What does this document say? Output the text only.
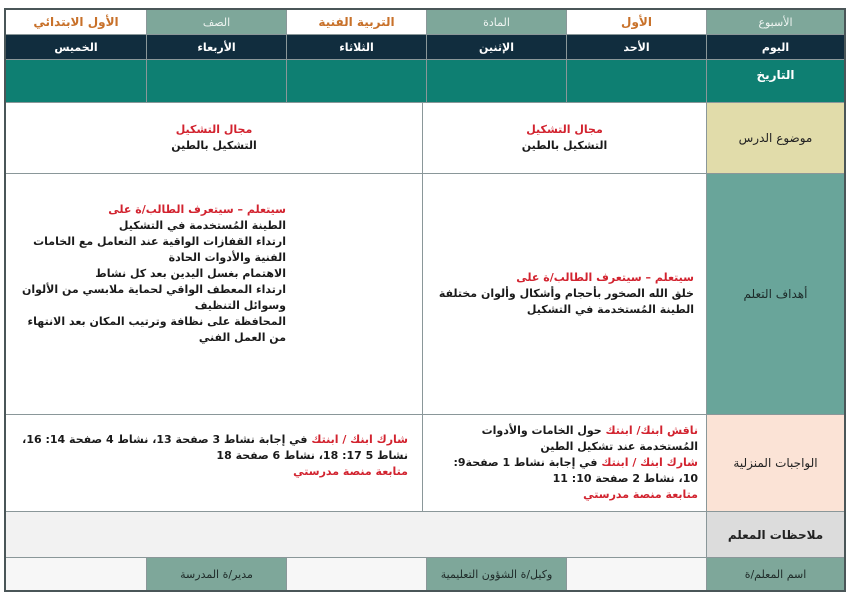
الأسبوع
الأول
المادة
التربية الفنية
الصف
الأول الابتدائي
اليوم
الأحد
الإثنين
الثلاثاء
الأربعاء
الخميس
التاريخ
موضوع الدرس
مجال التشكيل
التشكيل بالطين
مجال التشكيل
التشكيل بالطين
أهداف التعلم
سيتعلم – سيتعرف الطالب/ة على
خلق الله الصخور بأحجام وأشكال وألوان مختلفة
الطينة المُستخدمة في التشكيل
سيتعلم – سيتعرف الطالب/ة على
الطينة المُستخدمة في التشكيل
ارتداء القفازات الواقية عند التعامل مع الخامات الفنية والأدوات الحادة
الاهتمام بغسل اليدين بعد كل نشاط
ارتداء المعطف الواقي لحماية ملابسي من الألوان وسوائل التنظيف
المحافظة على نظافة وترتيب المكان بعد الانتهاء من العمل الفني
الواجبات المنزلية
ناقش ابنك/ ابنتك حول الخامات والأدوات المُستخدمة عند تشكيل الطين
شارك ابنك / ابنتك في إجابة نشاط 1 صفحة9: 10، نشاط 2 صفحة 10: 11
متابعة منصة مدرستي
شارك ابنك / ابنتك في إجابة نشاط 3 صفحة 13، نشاط 4 صفحة 14: 16، نشاط 5 17: 18، نشاط 6 صفحة 18
متابعة منصة مدرستي
ملاحظات المعلم
اسم المعلم/ة
وكيل/ة الشؤون التعليمية
مدير/ة المدرسة
